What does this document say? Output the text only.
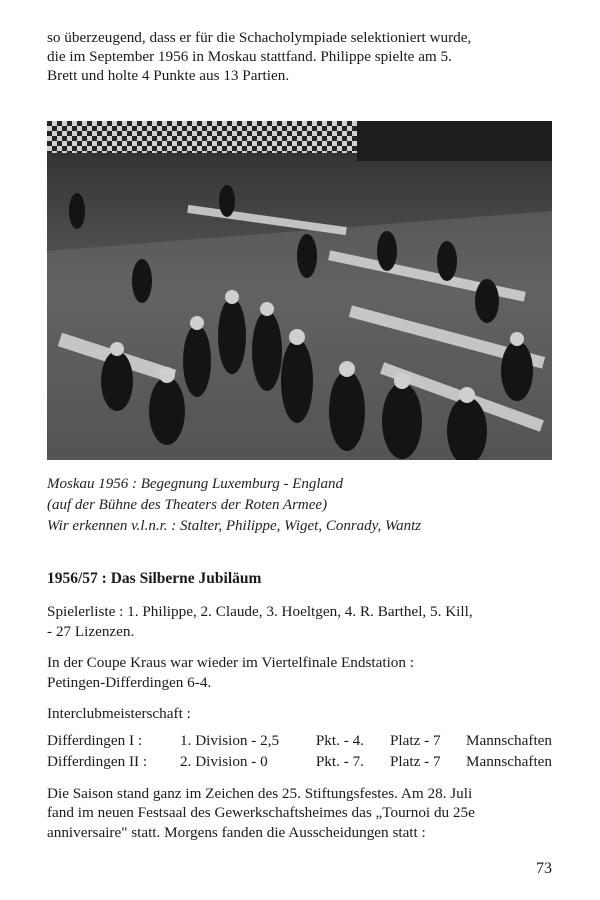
so überzeugend, dass er für die Schacholympiade selektioniert wurde,

die im September 1956 in Moskau stattfand. Philippe spielte am 5.

Brett und holte 4 Punkte aus 13 Partien.

Moskau 1956 : Begegnung Luxemburg - England
(auf der Bühne des Theaters der Roten Armee)
Wir erkennen v.l.n.r. : Stalter, Philippe, Wiget, Conrady, Wantz

1956/57 : Das Silberne Jubiläum

Spielerliste : 1. Philippe, 2. Claude, 3. Hoeltgen, 4. R. Barthel, 5. Kill,
- 27 Lizenzen.
In der Coupe Kraus war wieder im Viertelfinale Endstation :
Petingen-Differdingen 6-4.
Interclubmeisterschaft :
Differdingen I :	1. Division - 2,5	Pkt. - 4.	Platz - 7	Mannschaften
Differdingen II :	2. Division - 0	Pkt. - 7.	Platz - 7	Mannschaften
Die Saison stand ganz im Zeichen des 25. Stiftungsfestes. Am 28. Juli
fand im neuen Festsaal des Gewerkschaftsheimes das „Tournoi du 25e
anniversaire" statt. Morgens fanden die Ausscheidungen statt :
73
